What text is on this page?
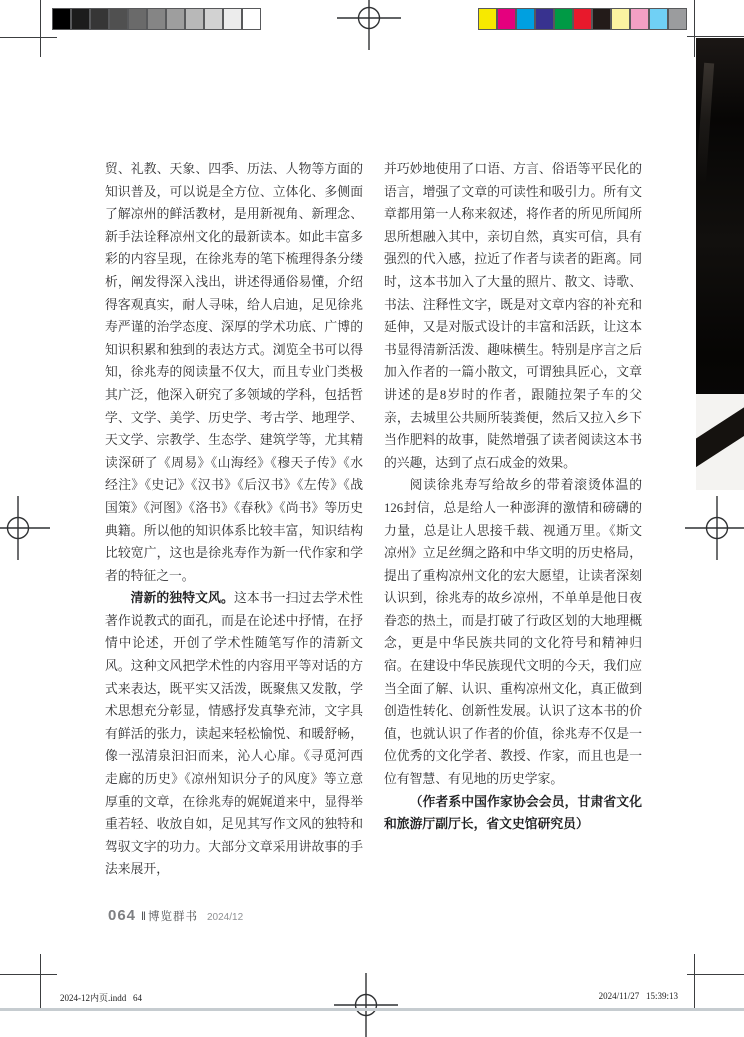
贸、礼教、天象、四季、历法、人物等方面的知识普及，可以说是全方位、立体化、多侧面了解凉州的鲜活教材，是用新视角、新理念、新手法诠释凉州文化的最新读本。如此丰富多彩的内容呈现，在徐兆寿的笔下梳理得条分缕析，阐发得深入浅出，讲述得通俗易懂，介绍得客观真实，耐人寻味，给人启迪，足见徐兆寿严谨的治学态度、深厚的学术功底、广博的知识积累和独到的表达方式。浏览全书可以得知，徐兆寿的阅读量不仅大，而且专业门类极其广泛，他深入研究了多领域的学科，包括哲学、文学、美学、历史学、考古学、地理学、天文学、宗教学、生态学、建筑学等，尤其精读深研了《周易》《山海经》《穆天子传》《水经注》《史记》《汉书》《后汉书》《左传》《战国策》《河图》《洛书》《春秋》《尚书》等历史典籍。所以他的知识体系比较丰富，知识结构比较宽广，这也是徐兆寿作为新一代作家和学者的特征之一。

清新的独特文风。这本书一扫过去学术性著作说教式的面孔，而是在论述中抒情，在抒情中论述，开创了学术性随笔写作的清新文风。这种文风把学术性的内容用平等对话的方式来表达，既平实又活泼，既聚焦又发散，学术思想充分彰显，情感抒发真挚充沛，文字具有鲜活的张力，读起来轻松愉悦、和暖舒畅，像一泓清泉汩汩而来，沁人心扉。《寻觅河西走廊的历史》《凉州知识分子的风度》等立意厚重的文章，在徐兆寿的娓娓道来中，显得举重若轻、收放自如，足见其写作文风的独特和驾驭文字的功力。大部分文章采用讲故事的手法来展开，

并巧妙地使用了口语、方言、俗语等平民化的语言，增强了文章的可读性和吸引力。所有文章都用第一人称来叙述，将作者的所见所闻所思所想融入其中，亲切自然，真实可信，具有强烈的代入感，拉近了作者与读者的距离。同时，这本书加入了大量的照片、散文、诗歌、书法、注释性文字，既是对文章内容的补充和延伸，又是对版式设计的丰富和活跃，让这本书显得清新活泼、趣味横生。特别是序言之后加入作者的一篇小散文，可谓独具匠心，文章讲述的是8岁时的作者，跟随拉架子车的父亲，去城里公共厕所装粪便，然后又拉入乡下当作肥料的故事，陡然增强了读者阅读这本书的兴趣，达到了点石成金的效果。

阅读徐兆寿写给故乡的带着滚烫体温的126封信，总是给人一种澎湃的激情和磅礴的力量，总是让人思接千载、视通万里。《斯文凉州》立足丝绸之路和中华文明的历史格局，提出了重构凉州文化的宏大愿望，让读者深刻认识到，徐兆寿的故乡凉州，不单单是他日夜眷恋的热土，而是打破了行政区划的大地理概念，更是中华民族共同的文化符号和精神归宿。在建设中华民族现代文明的今天，我们应当全面了解、认识、重构凉州文化，真正做到创造性转化、创新性发展。认识了这本书的价值，也就认识了作者的价值，徐兆寿不仅是一位优秀的文化学者、教授、作家，而且也是一位有智慧、有见地的历史学家。

（作者系中国作家协会会员，甘肃省文化和旅游厅副厅长，省文史馆研究员）

064 ‖ 博览群书 2024/12
2024-12内页.indd   64	2024/11/27   15:39:13
